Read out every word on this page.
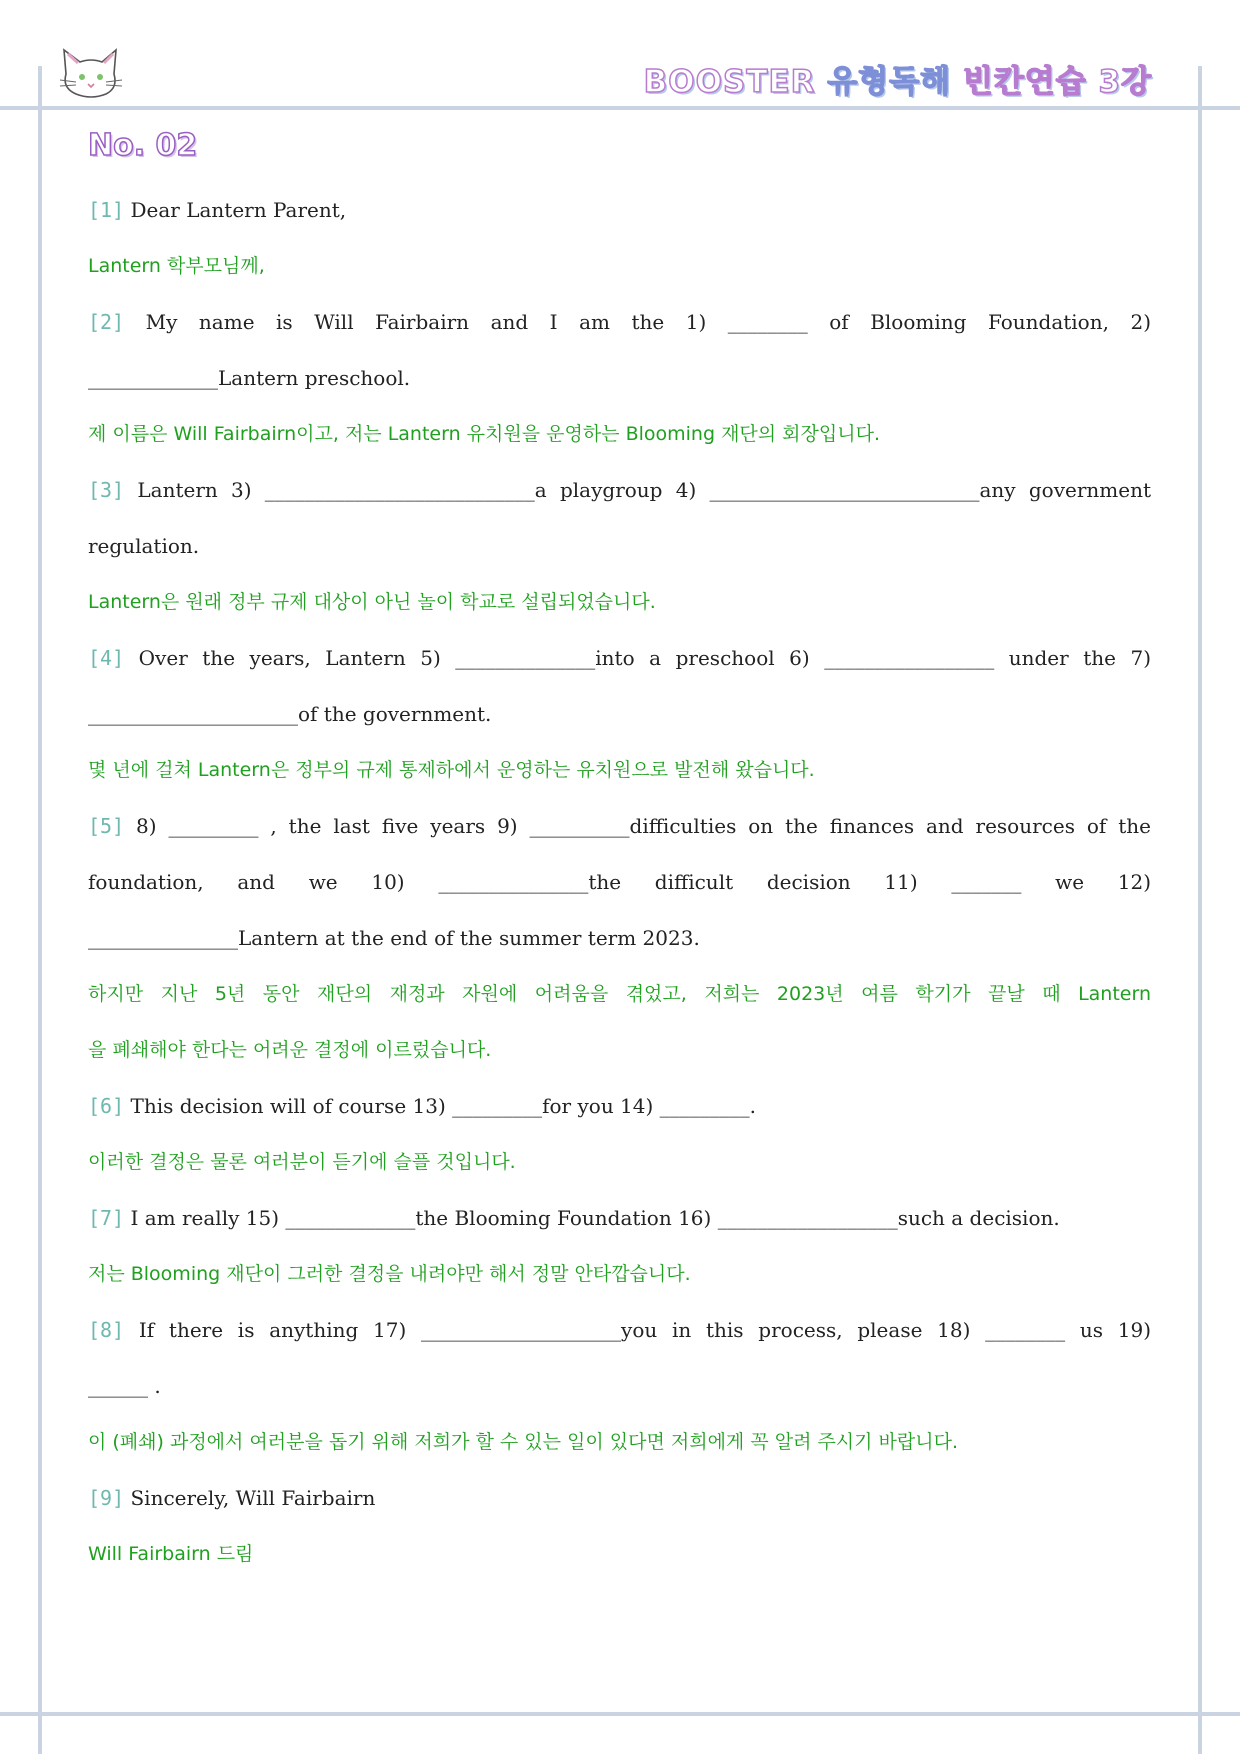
BOOSTER 유형독해 빈칸연습 3강
No. 02
[1] Dear Lantern Parent,
Lantern 학부모님께,
[2] My name is Will Fairbairn and I am the 1) ________ of Blooming Foundation, 2)
_____________Lantern preschool.
제 이름은 Will Fairbairn이고, 저는 Lantern 유치원을 운영하는 Blooming 재단의 회장입니다.
[3] Lantern 3) ___________________________a playgroup 4) ___________________________any government
regulation.
Lantern은 원래 정부 규제 대상이 아닌 놀이 학교로 설립되었습니다.
[4] Over the years, Lantern 5) ______________into a preschool 6) _________________ under the 7)
_____________________of the government.
몇 년에 걸쳐 Lantern은 정부의 규제 통제하에서 운영하는 유치원으로 발전해 왔습니다.
[5] 8) _________ , the last five years 9) __________difficulties on the finances and resources of the
foundation, and we 10) _______________the difficult decision 11) _______ we 12)
_______________Lantern at the end of the summer term 2023.
하지만 지난 5년 동안 재단의 재정과 자원에 어려움을 겪었고, 저희는 2023년 여름 학기가 끝날 때 Lantern
을 폐쇄해야 한다는 어려운 결정에 이르렀습니다.
[6] This decision will of course 13) _________for you 14) _________.
이러한 결정은 물론 여러분이 듣기에 슬플 것입니다.
[7] I am really 15) _____________the Blooming Foundation 16) __________________such a decision.
저는 Blooming 재단이 그러한 결정을 내려야만 해서 정말 안타깝습니다.
[8] If there is anything 17) ____________________you in this process, please 18) ________ us 19)
______ .
이 (폐쇄) 과정에서 여러분을 돕기 위해 저희가 할 수 있는 일이 있다면 저희에게 꼭 알려 주시기 바랍니다.
[9] Sincerely, Will Fairbairn
Will Fairbairn 드림
